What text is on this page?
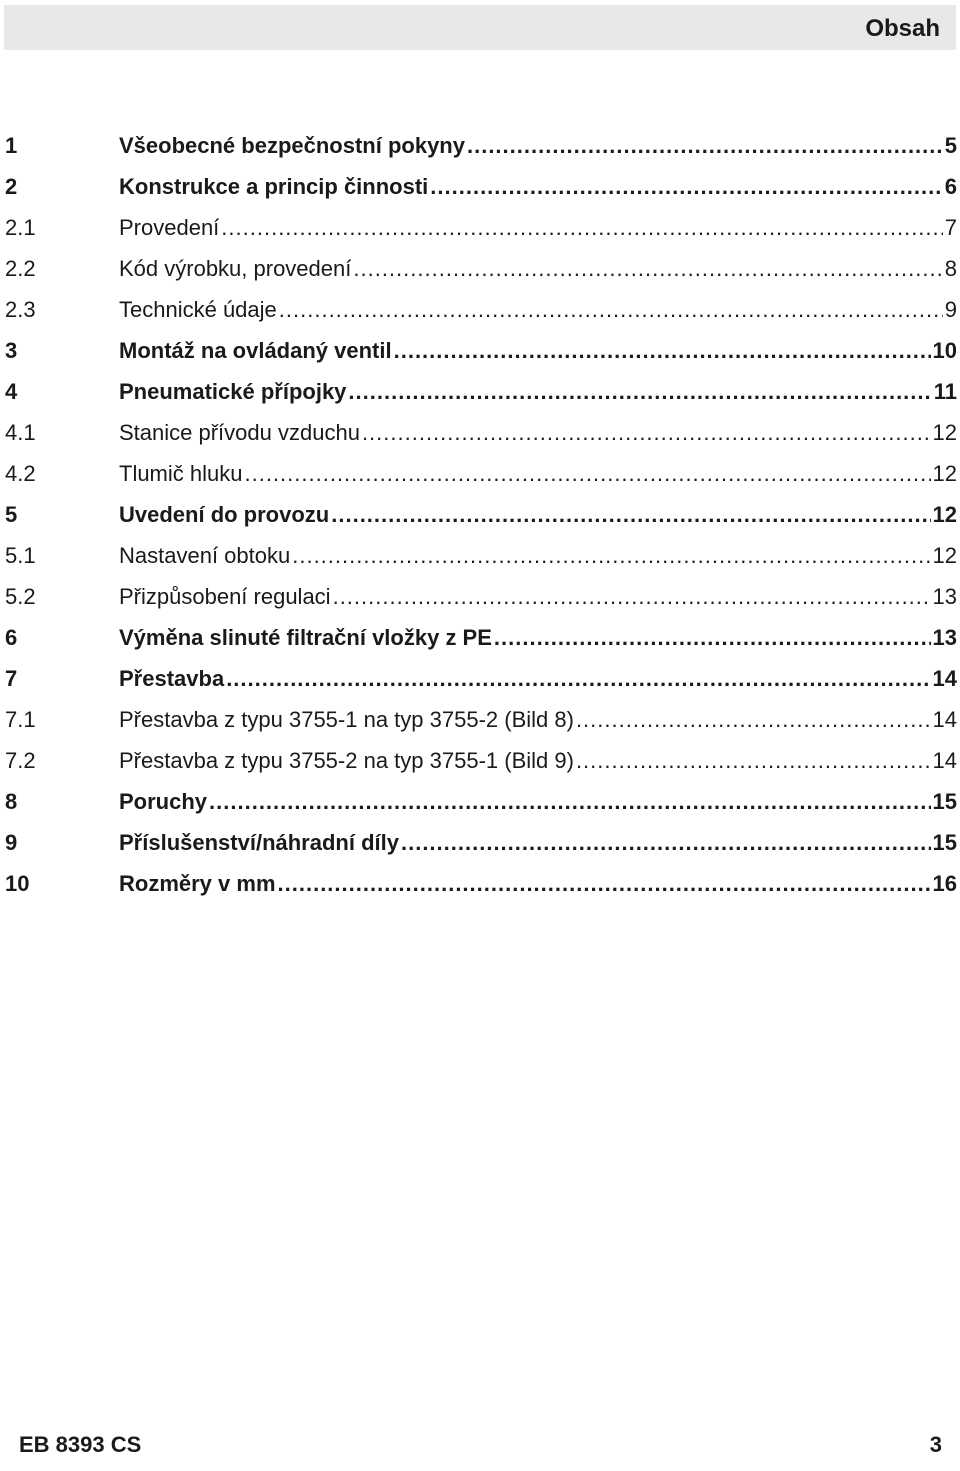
Obsah
1	Všeobecné bezpečnostní pokyny .....	5
2	Konstrukce a princip činnosti .....	6
2.1	Provedení .....	7
2.2	Kód výrobku, provedení .....	8
2.3	Technické údaje .....	9
3	Montáž na ovládaný ventil .....	10
4	Pneumatické přípojky .....	11
4.1	Stanice přívodu vzduchu .....	12
4.2	Tlumič hluku .....	12
5	Uvedení do provozu .....	12
5.1	Nastavení obtoku .....	12
5.2	Přizpůsobení regulaci .....	13
6	Výměna slinuté filtrační vložky z PE .....	13
7	Přestavba .....	14
7.1	Přestavba z typu 3755-1 na typ 3755-2 (Bild 8) .....	14
7.2	Přestavba z typu 3755-2 na typ 3755-1 (Bild 9) .....	14
8	Poruchy .....	15
9	Příslušenství/náhradní díly .....	15
10	Rozměry v mm .....	16
EB 8393 CS	3
